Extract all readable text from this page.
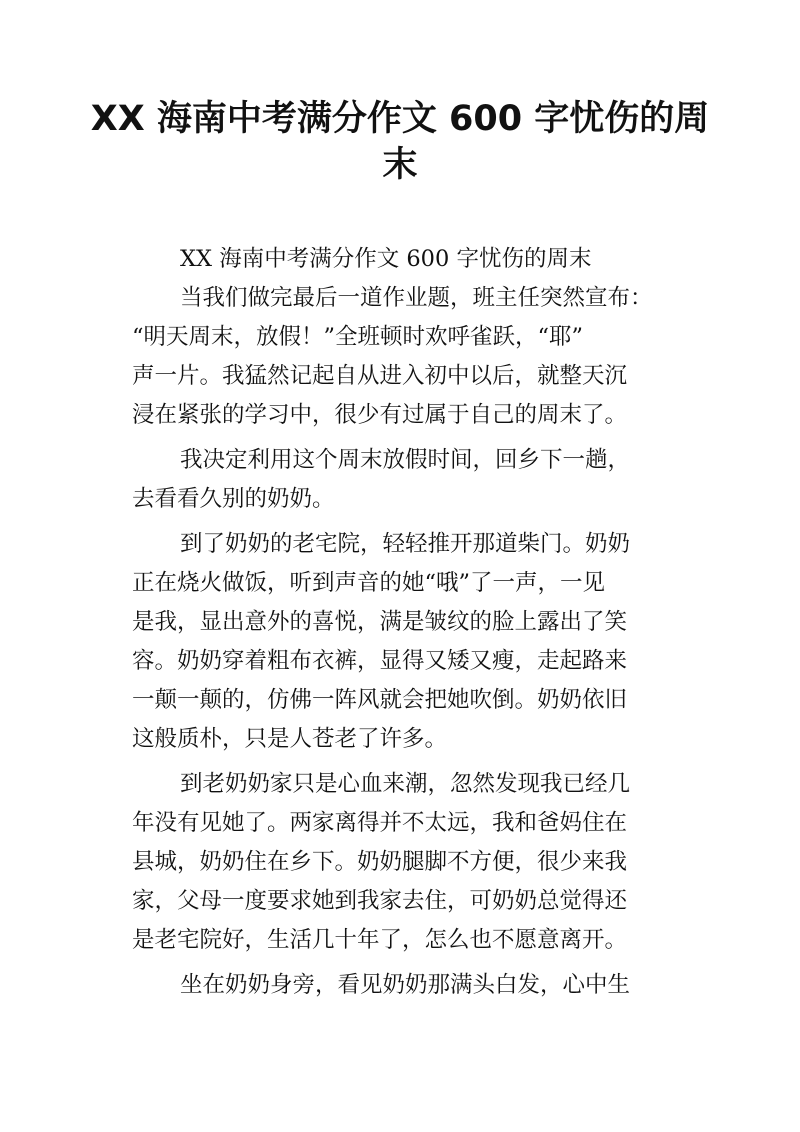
XX 海南中考满分作文 600 字忧伤的周
末
XX 海南中考满分作文 600 字忧伤的周末
当我们做完最后一道作业题，班主任突然宣布：
“明天周末，放假！”全班顿时欢呼雀跃，“耶”
声一片。我猛然记起自从进入初中以后，就整天沉
浸在紧张的学习中，很少有过属于自己的周末了。
我决定利用这个周末放假时间，回乡下一趟，
去看看久别的奶奶。
到了奶奶的老宅院，轻轻推开那道柴门。奶奶
正在烧火做饭，听到声音的她“哦”了一声，一见
是我，显出意外的喜悦，满是皱纹的脸上露出了笑
容。奶奶穿着粗布衣裤，显得又矮又瘦，走起路来
一颠一颠的，仿佛一阵风就会把她吹倒。奶奶依旧
这般质朴，只是人苍老了许多。
到老奶奶家只是心血来潮，忽然发现我已经几
年没有见她了。两家离得并不太远，我和爸妈住在
县城，奶奶住在乡下。奶奶腿脚不方便，很少来我
家，父母一度要求她到我家去住，可奶奶总觉得还
是老宅院好，生活几十年了，怎么也不愿意离开。
坐在奶奶身旁，看见奶奶那满头白发，心中生
